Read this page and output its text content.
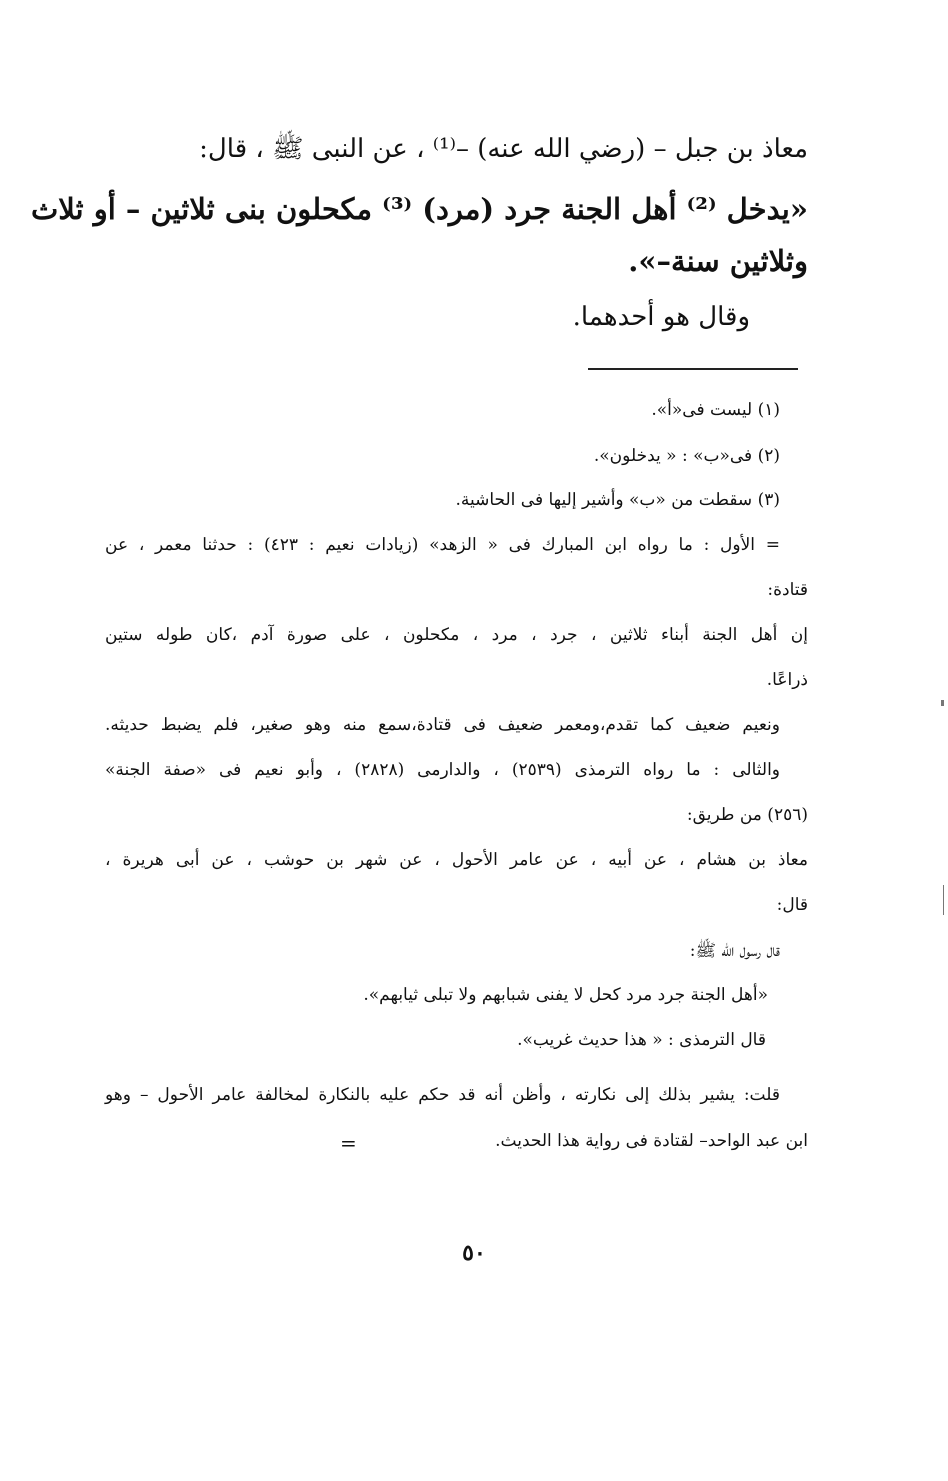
معاذ بن جبل – (رضي الله عنه) –⁽¹⁾ ، عن النبى ﷺ ، قال:
«يدخل ⁽²⁾ أهل الجنة جرد (مرد) ⁽³⁾ مكحلون بنى ثلاثين – أو ثلاث
وثلاثين سنة–».
وقال هو أحدهما.
(١) ليست فى«أ».
(٢) فى«ب» : « يدخلون».
(٣) سقطت من «ب» وأشير إليها فى الحاشية.
= الأول : ما رواه ابن المبارك فى « الزهد» (زيادات نعيم : ٤٢٣) : حدثنا معمر ، عن
قتادة:
إن أهل الجنة أبناء ثلاثين ، جرد ، مرد ، مكحلون ، على صورة آدم ،كان طوله ستين
ذراعًا.
ونعيم ضعيف كما تقدم،ومعمر ضعيف فى قتادة،سمع منه وهو صغير، فلم يضبط حديثه.
والثالى : ما رواه الترمذى (٢٥٣٩) ، والدارمى (٢٨٢٨) ، وأبو نعيم فى «صفة الجنة»
(٢٥٦) من طريق:
معاذ بن هشام ، عن أبيه ، عن عامر الأحول ، عن شهر بن حوشب ، عن أبى هريرة ،
قال:
قال رسول الله ﷺ:
«أهل الجنة جرد مرد كحل لا يفنى شبابهم ولا تبلى ثيابهم».
قال الترمذى : « هذا حديث غريب».
قلت: يشير بذلك إلى نكارته ، وأظن أنه قد حكم عليه بالنكارة لمخالفة عامر الأحول – وهو
ابن عبد الواحد– لقتادة فى رواية هذا الحديث.
=
٥٠
